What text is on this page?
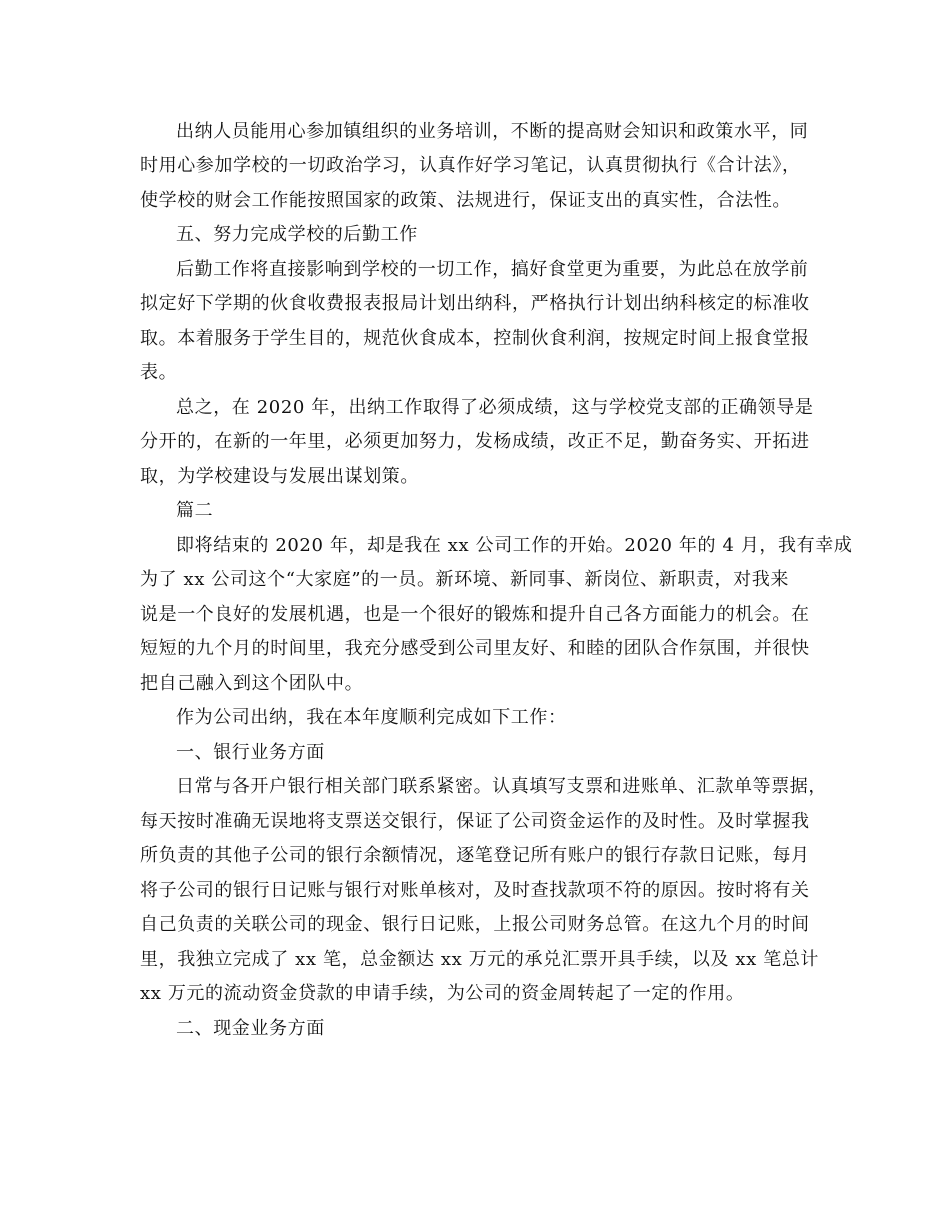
出纳人员能用心参加镇组织的业务培训，不断的提高财会知识和政策水平，同
时用心参加学校的一切政治学习，认真作好学习笔记，认真贯彻执行《合计法》，
使学校的财会工作能按照国家的政策、法规进行，保证支出的真实性，合法性。
五、努力完成学校的后勤工作
后勤工作将直接影响到学校的一切工作，搞好食堂更为重要，为此总在放学前
拟定好下学期的伙食收费报表报局计划出纳科，严格执行计划出纳科核定的标准收
取。本着服务于学生目的，规范伙食成本，控制伙食利润，按规定时间上报食堂报
表。
总之，在 2020 年，出纳工作取得了必须成绩，这与学校党支部的正确领导是
分开的，在新的一年里，必须更加努力，发杨成绩，改正不足，勤奋务实、开拓进
取，为学校建设与发展出谋划策。
篇二
即将结束的 2020 年，却是我在 xx 公司工作的开始。2020 年的 4 月，我有幸成
为了 xx 公司这个“大家庭”的一员。新环境、新同事、新岗位、新职责，对我来
说是一个良好的发展机遇，也是一个很好的锻炼和提升自己各方面能力的机会。在
短短的九个月的时间里，我充分感受到公司里友好、和睦的团队合作氛围，并很快
把自己融入到这个团队中。
作为公司出纳，我在本年度顺利完成如下工作：
一、银行业务方面
日常与各开户银行相关部门联系紧密。认真填写支票和进账单、汇款单等票据，
每天按时准确无误地将支票送交银行，保证了公司资金运作的及时性。及时掌握我
所负责的其他子公司的银行余额情况，逐笔登记所有账户的银行存款日记账，每月
将子公司的银行日记账与银行对账单核对，及时查找款项不符的原因。按时将有关
自己负责的关联公司的现金、银行日记账，上报公司财务总管。在这九个月的时间
里，我独立完成了 xx 笔，总金额达 xx 万元的承兑汇票开具手续，以及 xx 笔总计
xx 万元的流动资金贷款的申请手续，为公司的资金周转起了一定的作用。
二、现金业务方面
